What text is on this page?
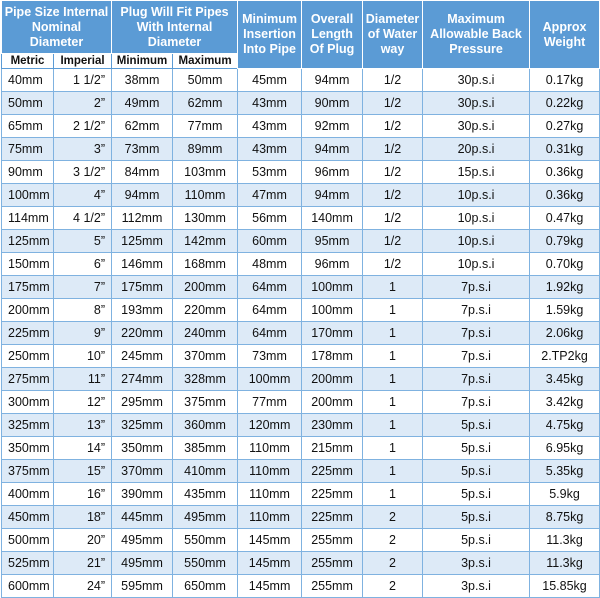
Pipe Size Internal Nominal Diameter		Plug Will Fit Pipes With Internal Diameter		Minimum Insertion Into Pipe	Overall Length Of Plug	Diameter of Water way	Maximum Allowable Back Pressure	Approx Weight
Metric	Imperial	Minimum	Maximum					
40mm	1 1/2”	38mm	50mm	45mm	94mm	1/2	30p.s.i	0.17kg
50mm	2”	49mm	62mm	43mm	90mm	1/2	30p.s.i	0.22kg
65mm	2 1/2”	62mm	77mm	43mm	92mm	1/2	30p.s.i	0.27kg
75mm	3”	73mm	89mm	43mm	94mm	1/2	20p.s.i	0.31kg
90mm	3 1/2”	84mm	103mm	53mm	96mm	1/2	15p.s.i	0.36kg
100mm	4”	94mm	110mm	47mm	94mm	1/2	10p.s.i	0.36kg
114mm	4 1/2”	112mm	130mm	56mm	140mm	1/2	10p.s.i	0.47kg
125mm	5”	125mm	142mm	60mm	95mm	1/2	10p.s.i	0.79kg
150mm	6”	146mm	168mm	48mm	96mm	1/2	10p.s.i	0.70kg
175mm	7”	175mm	200mm	64mm	100mm	1	7p.s.i	1.92kg
200mm	8”	193mm	220mm	64mm	100mm	1	7p.s.i	1.59kg
225mm	9”	220mm	240mm	64mm	170mm	1	7p.s.i	2.06kg
250mm	10”	245mm	370mm	73mm	178mm	1	7p.s.i	2.TP2kg
275mm	11”	274mm	328mm	100mm	200mm	1	7p.s.i	3.45kg
300mm	12”	295mm	375mm	77mm	200mm	1	7p.s.i	3.42kg
325mm	13”	325mm	360mm	120mm	230mm	1	5p.s.i	4.75kg
350mm	14”	350mm	385mm	110mm	215mm	1	5p.s.i	6.95kg
375mm	15”	370mm	410mm	110mm	225mm	1	5p.s.i	5.35kg
400mm	16”	390mm	435mm	110mm	225mm	1	5p.s.i	5.9kg
450mm	18”	445mm	495mm	110mm	225mm	2	5p.s.i	8.75kg
500mm	20”	495mm	550mm	145mm	255mm	2	5p.s.i	11.3kg
525mm	21”	495mm	550mm	145mm	255mm	2	3p.s.i	11.3kg
600mm	24”	595mm	650mm	145mm	255mm	2	3p.s.i	15.85kg
